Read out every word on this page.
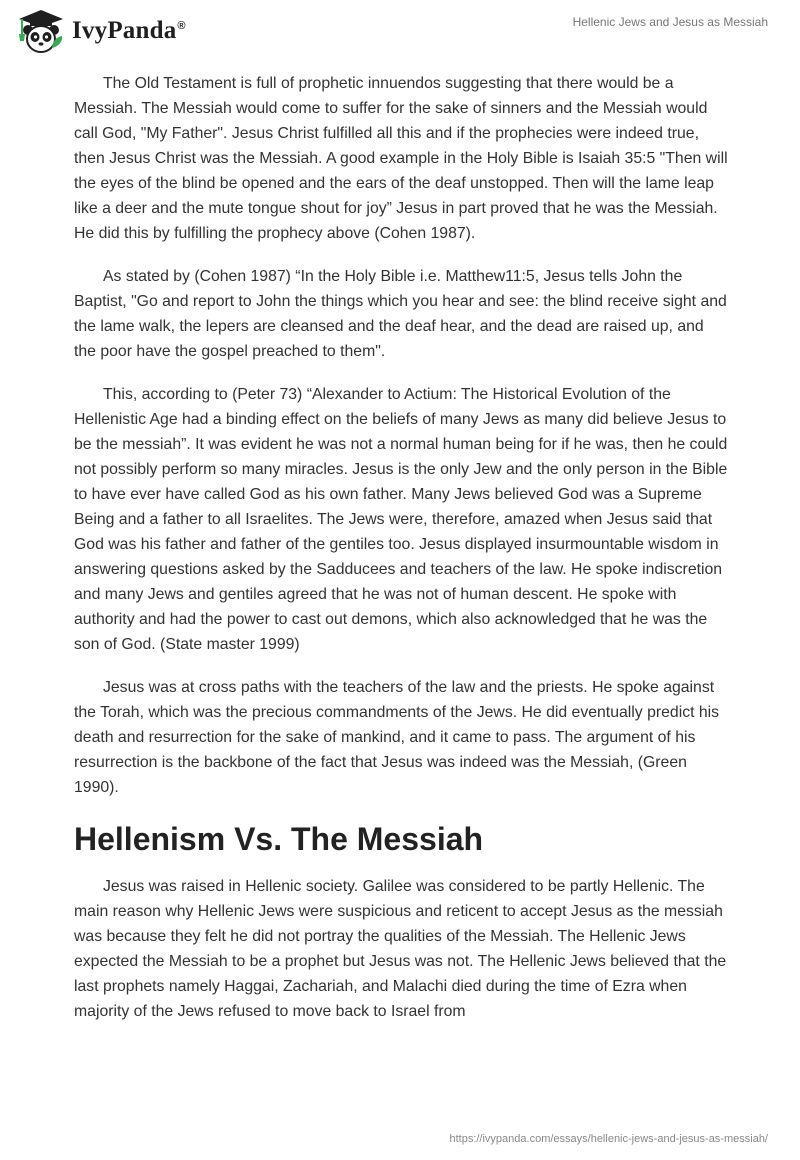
IvyPanda®	Hellenic Jews and Jesus as Messiah

The Old Testament is full of prophetic innuendos suggesting that there would be a Messiah. The Messiah would come to suffer for the sake of sinners and the Messiah would call God, "My Father". Jesus Christ fulfilled all this and if the prophecies were indeed true, then Jesus Christ was the Messiah. A good example in the Holy Bible is Isaiah 35:5 "Then will the eyes of the blind be opened and the ears of the deaf unstopped. Then will the lame leap like a deer and the mute tongue shout for joy” Jesus in part proved that he was the Messiah. He did this by fulfilling the prophecy above (Cohen 1987).

As stated by (Cohen 1987) “In the Holy Bible i.e. Matthew11:5, Jesus tells John the Baptist, "Go and report to John the things which you hear and see: the blind receive sight and the lame walk, the lepers are cleansed and the deaf hear, and the dead are raised up, and the poor have the gospel preached to them".

This, according to (Peter 73) “Alexander to Actium: The Historical Evolution of the Hellenistic Age had a binding effect on the beliefs of many Jews as many did believe Jesus to be the messiah”. It was evident he was not a normal human being for if he was, then he could not possibly perform so many miracles. Jesus is the only Jew and the only person in the Bible to have ever have called God as his own father. Many Jews believed God was a Supreme Being and a father to all Israelites. The Jews were, therefore, amazed when Jesus said that God was his father and father of the gentiles too. Jesus displayed insurmountable wisdom in answering questions asked by the Sadducees and teachers of the law. He spoke indiscretion and many Jews and gentiles agreed that he was not of human descent. He spoke with authority and had the power to cast out demons, which also acknowledged that he was the son of God. (State master 1999)

Jesus was at cross paths with the teachers of the law and the priests. He spoke against the Torah, which was the precious commandments of the Jews. He did eventually predict his death and resurrection for the sake of mankind, and it came to pass. The argument of his resurrection is the backbone of the fact that Jesus was indeed was the Messiah, (Green 1990).

Hellenism Vs. The Messiah

Jesus was raised in Hellenic society. Galilee was considered to be partly Hellenic. The main reason why Hellenic Jews were suspicious and reticent to accept Jesus as the messiah was because they felt he did not portray the qualities of the Messiah. The Hellenic Jews expected the Messiah to be a prophet but Jesus was not. The Hellenic Jews believed that the last prophets namely Haggai, Zachariah, and Malachi died during the time of Ezra when majority of the Jews refused to move back to Israel from

https://ivypanda.com/essays/hellenic-jews-and-jesus-as-messiah/
